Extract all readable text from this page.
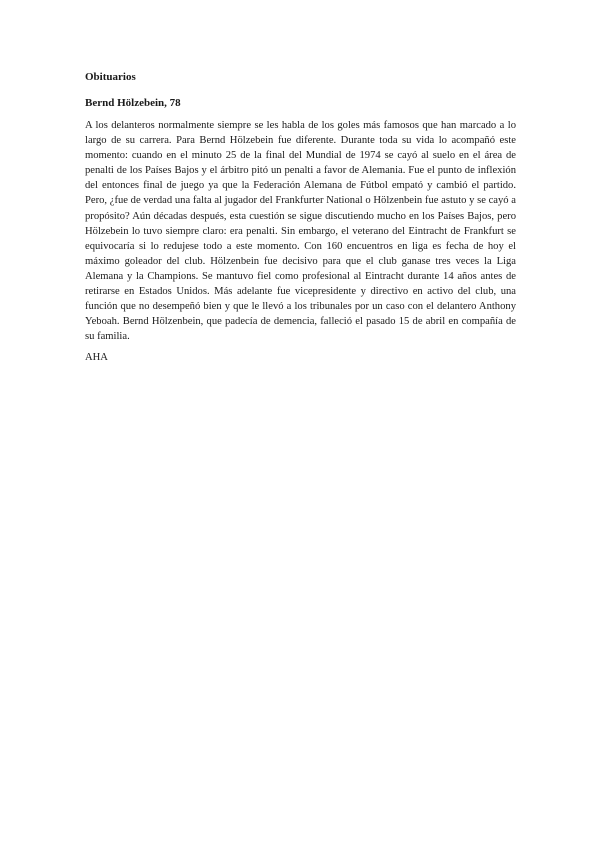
Obituarios
Bernd Hölzebein, 78

A los delanteros normalmente siempre se les habla de los goles más famosos que han marcado a lo largo de su carrera. Para Bernd Hölzebein fue diferente. Durante toda su vida lo acompañó este momento: cuando en el minuto 25 de la final del Mundial de 1974 se cayó al suelo en el área de penalti de los Países Bajos y el árbitro pitó un penalti a favor de Alemania. Fue el punto de inflexión del entonces final de juego ya que la Federación Alemana de Fútbol empató y cambió el partido. Pero, ¿fue de verdad una falta al jugador del Frankfurter National o Hölzenbein fue astuto y se cayó a propósito? Aún décadas después, esta cuestión se sigue discutiendo mucho en los Países Bajos, pero Hölzebein lo tuvo siempre claro: era penalti. Sin embargo, el veterano del Eintracht de Frankfurt se equivocaría si lo redujese todo a este momento. Con 160 encuentros en liga es fecha de hoy el máximo goleador del club. Hölzenbein fue decisivo para que el club ganase tres veces la Liga Alemana y la Champions. Se mantuvo fiel como profesional al Eintracht durante 14 años antes de retirarse en Estados Unidos. Más adelante fue vicepresidente y directivo en activo del club, una función que no desempeñó bien y que le llevó a los tribunales por un caso con el delantero Anthony Yeboah. Bernd Hölzenbein, que padecía de demencia, falleció el pasado 15 de abril en compañía de su familia.

AHA
